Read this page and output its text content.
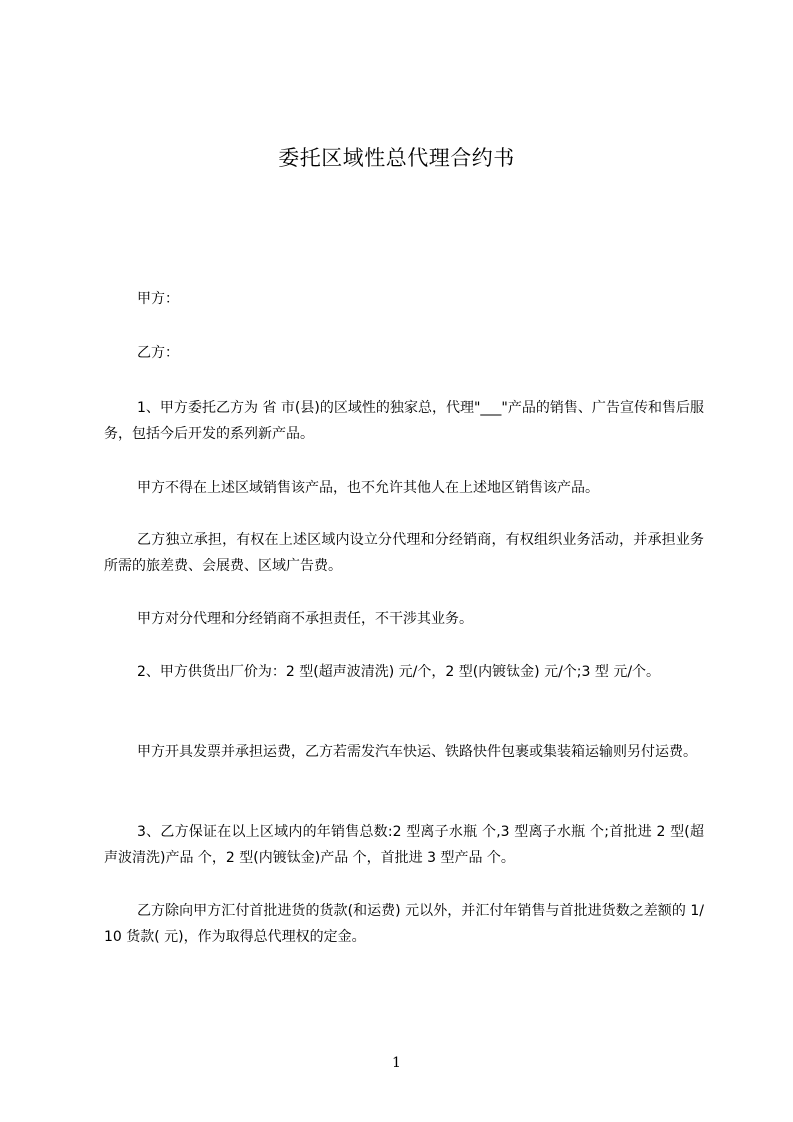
委托区域性总代理合约书
甲方：
乙方：
1、甲方委托乙方为 省 市(县)的区域性的独家总，代理"___"产品的销售、广告宣传和售后服务，包括今后开发的系列新产品。
甲方不得在上述区域销售该产品，也不允许其他人在上述地区销售该产品。
乙方独立承担，有权在上述区域内设立分代理和分经销商，有权组织业务活动，并承担业务所需的旅差费、会展费、区域广告费。
甲方对分代理和分经销商不承担责任，不干涉其业务。
2、甲方供货出厂价为：2 型(超声波清洗) 元/个，2 型(内镀钛金) 元/个;3 型 元/个。
甲方开具发票并承担运费，乙方若需发汽车快运、铁路快件包裹或集装箱运输则另付运费。
3、乙方保证在以上区域内的年销售总数:2 型离子水瓶 个,3 型离子水瓶 个;首批进 2 型(超声波清洗)产品 个，2 型(内镀钛金)产品 个，首批进 3 型产品 个。
乙方除向甲方汇付首批进货的货款(和运费) 元以外，并汇付年销售与首批进货数之差额的 1/10 货款( 元)，作为取得总代理权的定金。
1
